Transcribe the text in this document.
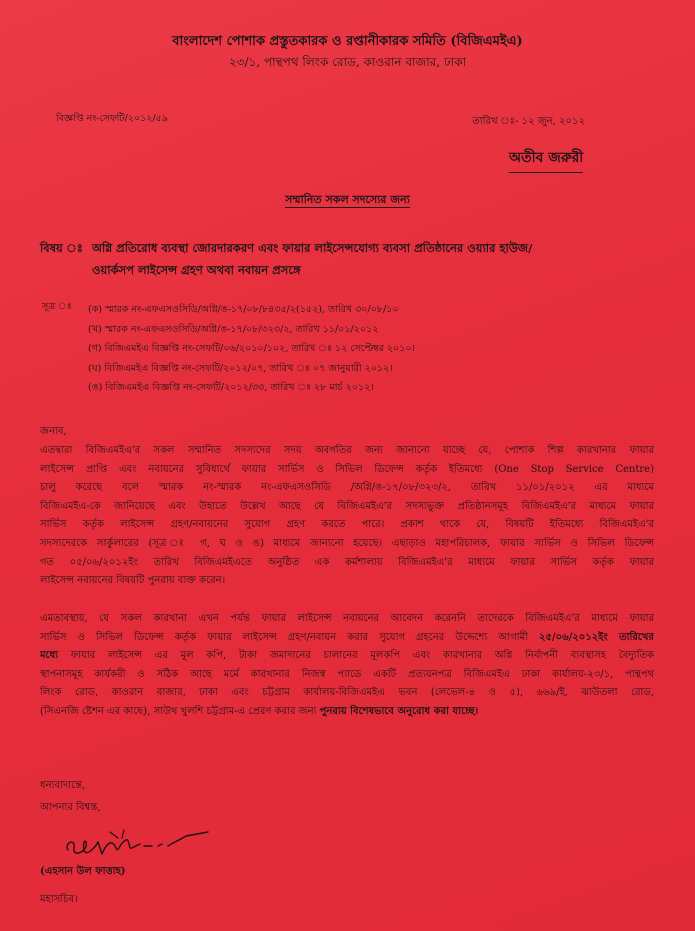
বাংলাদেশ পোশাক প্রস্তুতকারক ও রপ্তানীকারক সমিতি (বিজিএমইএ)
২৩/১, পান্থপথ লিংক রোড, কাওরান বাজার, ঢাকা
বিজ্ঞপ্তি নং-সেফটি/২০১২/৫৯	তারিখ ঃ- ১২ জুন, ২০১২
অতীব জরুরী
সম্মানিত সকল সদস্যের জন্য
বিষয় ঃ অগ্নি প্রতিরোধ ব্যবস্থা জোরদারকরণ এবং ফায়ার লাইসেন্সযোগ্য ব্যবসা প্রতিষ্ঠানের ওয়্যার হাউজ/
ওয়ার্কসপ লাইসেন্স গ্রহণ অথবা নবায়ন প্রসঙ্গে
সূত্র ঃ (ক) স্মারক নং-এফএসওসিডি/অগ্নি/ঙ-১৭/০৮/৮৪৩৫/২(১৫২), তারিখ ৩০/০৮/১০
(খ) স্মারক নং-এফএসওসিডি/অগ্নি/ঙ-১৭/০৮/৩২৩/২, তারিখ ১১/০১/২০১২
(গ) বিজিএমইএ বিজ্ঞপ্তি নং-সেফটি/০৬/২০১০/১০২, তারিখ ঃ ১২ সেপ্টেম্বর ২০১০।
(ঘ) বিজিএমইএ বিজ্ঞপ্তি নং-সেফটি/২০১২/০৭, তারিখ ঃ ০৭ জানুয়ারী ২০১২।
(ঙ) বিজিএমইএ বিজ্ঞপ্তি নং-সেফটি/২০১২/৩৩, তারিখ ঃ ২৮ মার্চ ২০১২।
জনাব,
এতদ্বারা বিজিএমইএ'র সকল সম্মানিত সদস্যদের সদয় অবগতির জন্য জানানো যাচ্ছে যে, পোশাক শিল্প কারখানার ফায়ার
লাইসেন্স প্রাপ্তি এবং নবায়নের সুবিধার্থে ফায়ার সার্ভিস ও সিভিল ডিফেন্স কর্তৃক ইতিমধ্যে (One Stop Service Centre)
চালু করেছে বলে স্মারক নং-স্মারক নং-এফএসওসিডি /অগ্নি/ঙ-১৭/০৮/৩২৩/২, তারিখ ১১/০১/২০১২ এর মাধ্যমে
বিজিএমইএ-কে জানিয়েছে এবং উহাতে উল্লেখ আছে যে বিজিএমইএ'র সদস্যভুক্ত প্রতিষ্ঠানসমূহ বিজিএমইএ'র মাধ্যমে ফায়ার
সার্ভিস কর্তৃক লাইসেন্স গ্রহণ/নবায়নের সুযোগ গ্রহণ করতে পারে। প্রকাশ থাকে যে, বিষয়টি ইতিমধ্যে বিজিএমইএ'র
সদস্যদেরকে সার্কুলারের (সূত্র ঃ গ, ঘ ও ঙ) মাধ্যমে জানানো হয়েছে। এছাড়াও মহাপরিচালক, ফায়ার সার্ভিস ও সিভিল ডিফেন্স
গত ০৫/০৬/২০১২ইং তারিখ বিজিএমইএতে অনুষ্ঠিত এক কর্মশালায় বিজিএমইএ'র মাধ্যমে ফায়ার সার্ভিস কর্তৃক ফায়ার
লাইসেন্স নবায়নের বিষয়টি পুনরায় ব্যক্ত করেন।
এমতাবস্থায়, যে সকল কারখানা এখন পর্যন্ত ফায়ার লাইসেন্স নবায়নের আবেদন করেননি তাদেরকে বিজিএমইএ'র মাধ্যমে ফায়ার
সার্ভিস ও সিভিল ডিফেন্স কর্তৃক ফায়ার লাইসেন্স গ্রহণ/নবায়ন করার সুযোগ গ্রহনের উদ্দেশ্যে আগামী ২৫/০৬/২০১২ইং তারিখের
মধ্যে ফায়ার লাইসেন্স এর মূল কপি, টাকা জমাদানের চালানের মূলকপি এবং কারখানার অগ্নি নির্বাপনী ব্যবস্থাসহ বৈদ্যুতিক
স্থাপনাসমূহ কার্যকরী ও সঠিক আছে মর্মে কারখানার নিজস্ব প্যাডে একটি প্রত্যয়নপত্র বিজিএমইএ ঢাকা কার্যালয়-২৩/১, পান্থপথ
লিংক রোড, কাওরান বাজার, ঢাকা এবং চট্টগ্রাম কার্যালয়-বিজিএমইএ ভবন (লেভেল-৪ ও ৫), ৬৬৯/ই, ঝাউতলা রোড,
(সিএনজি ষ্টেশন এর কাছে), সাউথ খুলশি চট্টগ্রাম-এ প্রেরণ করার জন্য পুনরায় বিশেষভাবে অনুরোধ করা যাচ্ছে।
ধন্যবাদান্তে,
আপনার বিশ্বস্ত,
(এহসান উল ফাত্তাহ)
মহাসচিব।
